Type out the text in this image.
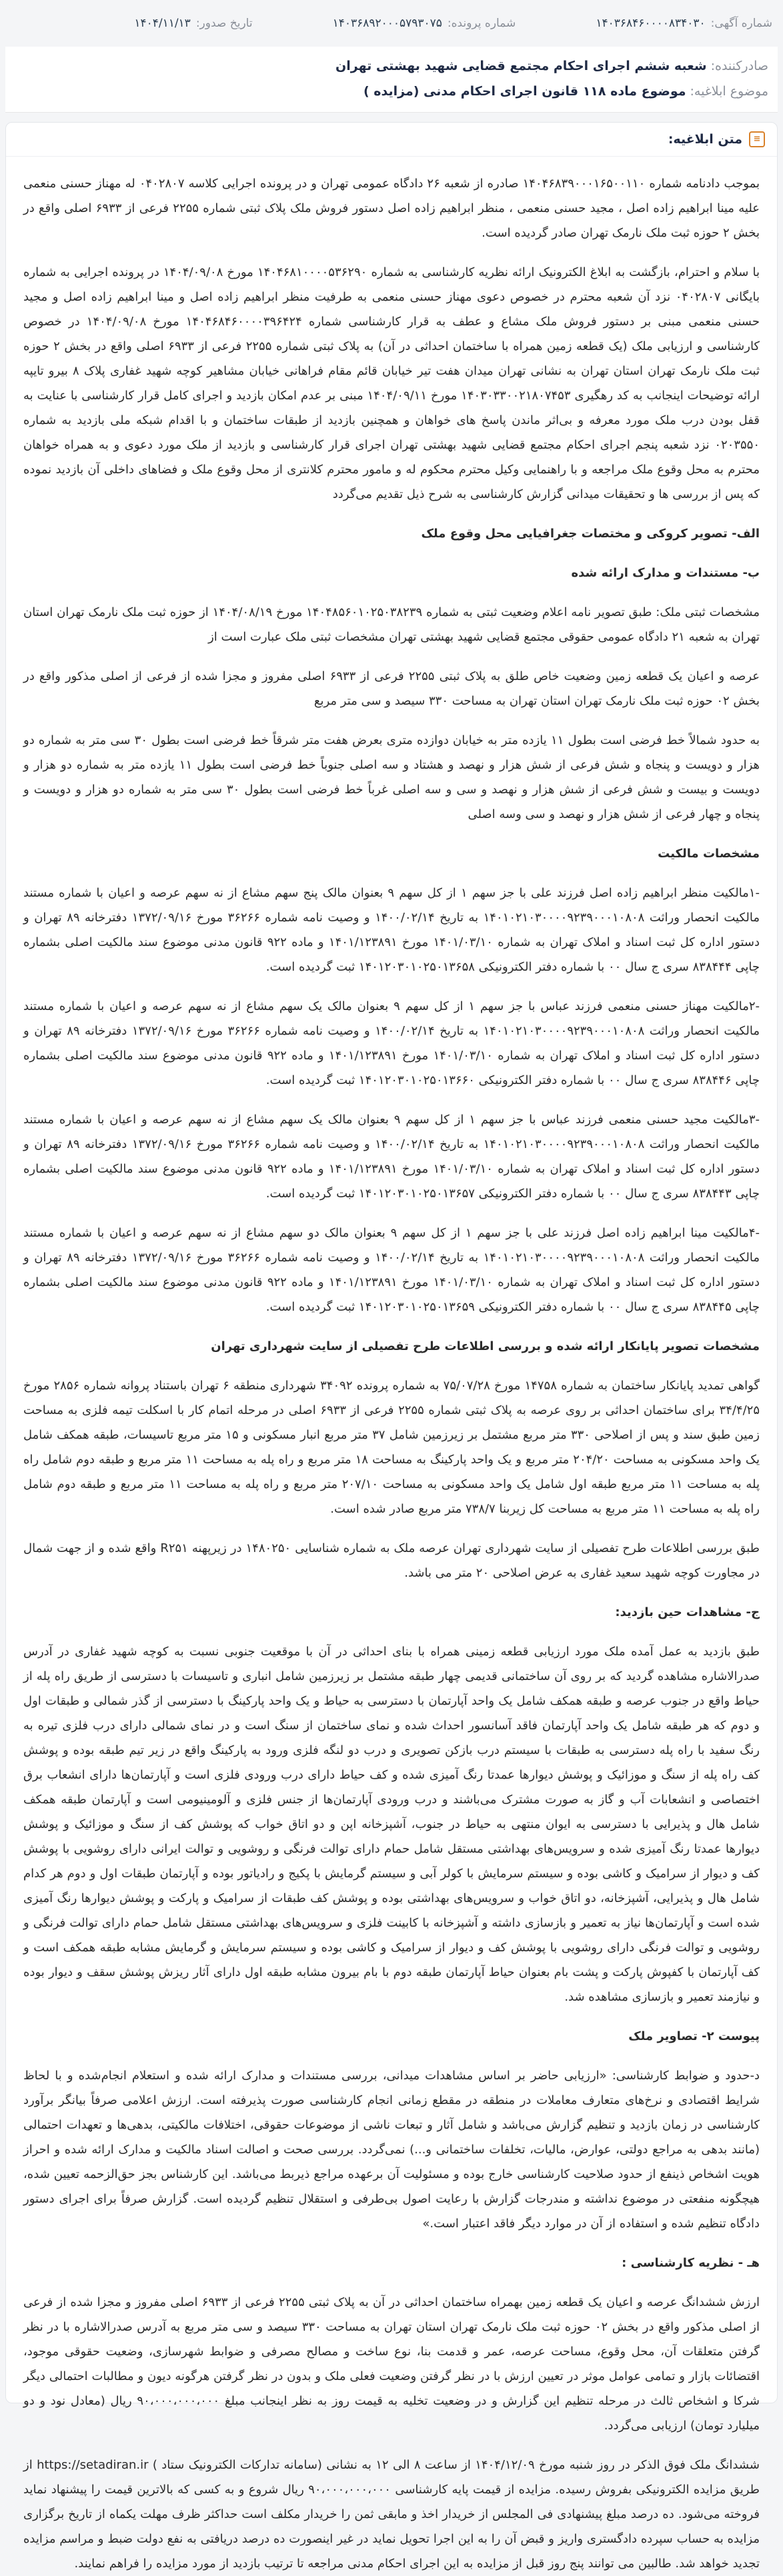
شماره آگهی:۱۴۰۳۶۸۴۶۰۰۰۰۸۳۴۰۳۰
شماره پرونده:۱۴۰۳۶۸۹۲۰۰۰۵۷۹۳۰۷۵
تاریخ صدور:۱۴۰۴/۱۱/۱۳
صادرکننده:شعبه ششم اجرای احکام مجتمع قضایی شهید بهشتی تهران
موضوع ابلاغیه:موضوع ماده ۱۱۸ قانون اجرای احکام مدنی (مزایده )
≡
متن ابلاغیه:

بموجب دادنامه شماره ۱۴۰۴۶۸۳۹۰۰۰۱۶۵۰۰۱۱۰ صادره از شعبه ۲۶ دادگاه عمومی تهران و در پرونده اجرایی کلاسه ۰۴۰۲۸۰۷ له مهناز حسنی منعمی علیه مینا ابراهیم زاده اصل ، مجید حسنی منعمی ، منظر ابراهیم زاده اصل دستور فروش ملک پلاک ثبتی شماره ۲۲۵۵ فرعی از ۶۹۳۳ اصلی واقع در بخش ۲ حوزه ثبت ملک نارمک تهران صادر گردیده است.

با سلام و احترام، بازگشت به ابلاغ الکترونیک ارائه نظریه کارشناسی به شماره ۱۴۰۴۶۸۱۰۰۰۰۵۳۶۲۹۰ مورخ ۱۴۰۴/۰۹/۰۸ در پرونده اجرایی به شماره بایگانی ۰۴۰۲۸۰۷ نزد آن شعبه محترم در خصوص دعوی مهناز حسنی منعمی به طرفیت منظر ابراهیم زاده اصل و مینا ابراهیم زاده اصل و مجید حسنی منعمی مبنی بر دستور فروش ملک مشاع و عطف به قرار کارشناسی شماره ۱۴۰۴۶۸۴۶۰۰۰۰۳۹۶۴۲۴ مورخ ۱۴۰۴/۰۹/۰۸ در خصوص کارشناسی و ارزیابی ملک (یک قطعه زمین همراه با ساختمان احداثی در آن) به پلاک ثبتی شماره ۲۲۵۵ فرعی از ۶۹۳۳ اصلی واقع در بخش ۲ حوزه ثبت ملک نارمک تهران استان تهران به نشانی تهران میدان هفت تیر خیابان قائم مقام فراهانی خیابان مشاهیر کوچه شهید غفاری پلاک ۸ بیرو تایپه ارائه توضیحات اینجانب به کد رهگیری ۱۴۰۳۰۳۳۰۰۲۱۸۰۷۴۵۳ مورخ ۱۴۰۴/۰۹/۱۱ مبنی بر عدم امکان بازدید و اجرای کامل قرار کارشناسی با عنایت به قفل بودن درب ملک مورد معرفه و بی‌اثر ماندن پاسخ های خواهان و همچنین بازدید از طبقات ساختمان و با اقدام شبکه ملی بازدید به شماره ۰۲۰۳۵۵۰ نزد شعبه پنجم اجرای احکام مجتمع قضایی شهید بهشتی تهران اجرای قرار کارشناسی و بازدید از ملک مورد دعوی و به همراه خواهان محترم به محل وقوع ملک مراجعه و با راهنمایی وکیل محترم محکوم له و مامور محترم کلانتری از محل وقوع ملک و فضاهای داخلی آن بازدید نموده که پس از بررسی ها و تحقیقات میدانی گزارش کارشناسی به شرح ذیل تقدیم می‌گردد

الف- تصویر کروکی و مختصات جغرافیایی محل وقوع ملک

ب- مستندات و مدارک ارائه شده

مشخصات ثبتی ملک: طبق تصویر نامه اعلام وضعیت ثبتی به شماره ۱۴۰۴۸۵۶۰۱۰۲۵۰۳۸۲۳۹ مورخ ۱۴۰۴/۰۸/۱۹ از حوزه ثبت ملک نارمک تهران استان تهران به شعبه ۲۱ دادگاه عمومی حقوقی مجتمع قضایی شهید بهشتی تهران مشخصات ثبتی ملک عبارت است از

عرصه و اعیان یک قطعه زمین وضعیت خاص طلق به پلاک ثبتی ۲۲۵۵ فرعی از ۶۹۳۳ اصلی مفروز و مجزا شده از فرعی از اصلی مذکور واقع در بخش ۰۲ حوزه ثبت ملک نارمک تهران استان تهران به مساحت ۳۳۰ سیصد و سی متر مربع

به حدود شمالاً خط فرضی است بطول ۱۱ یازده متر به خیابان دوازده متری بعرض هفت متر شرقاً خط فرضی است بطول ۳۰ سی متر به شماره دو هزار و دویست و پنجاه و شش فرعی از شش هزار و نهصد و هشتاد و سه اصلی جنوباً خط فرضی است بطول ۱۱ یازده متر به شماره دو هزار و دویست و بیست و شش فرعی از شش هزار و نهصد و سی و سه اصلی غرباً خط فرضی است بطول ۳۰ سی متر به شماره دو هزار و دویست و پنجاه و چهار فرعی از شش هزار و نهصد و سی وسه اصلی

مشخصات مالکیت

-۱مالکیت منظر ابراهیم زاده اصل فرزند علی با جز سهم ۱ از کل سهم ۹ بعنوان مالک پنج سهم مشاع از نه سهم عرصه و اعیان با شماره مستند مالکیت انحصار وراثت ۱۴۰۱۰۲۱۰۳۰۰۰۰۹۲۳۹۰۰۰۱۰۸۰۸ به تاریخ ۱۴۰۰/۰۲/۱۴ و وصیت نامه شماره ۳۶۲۶۶ مورخ ۱۳۷۲/۰۹/۱۶ دفترخانه ۸۹ تهران و دستور اداره کل ثبت اسناد و املاک تهران به شماره ۱۴۰۱/۰۳/۱۰ مورخ ۱۴۰۱/۱۲۳۸۹۱ و ماده ۹۲۲ قانون مدنی موضوع سند مالکیت اصلی بشماره چاپی ۸۳۸۴۴۴ سری ج سال ۰۰ با شماره دفتر الکترونیکی ۱۴۰۱۲۰۳۰۱۰۲۵۰۱۳۶۵۸ ثبت گردیده است.

-۲مالکیت مهناز حسنی منعمی فرزند عباس با جز سهم ۱ از کل سهم ۹ بعنوان مالک یک سهم مشاع از نه سهم عرصه و اعیان با شماره مستند مالکیت انحصار وراثت ۱۴۰۱۰۲۱۰۳۰۰۰۰۹۲۳۹۰۰۰۱۰۸۰۸ به تاریخ ۱۴۰۰/۰۲/۱۴ و وصیت نامه شماره ۳۶۲۶۶ مورخ ۱۳۷۲/۰۹/۱۶ دفترخانه ۸۹ تهران و دستور اداره کل ثبت اسناد و املاک تهران به شماره ۱۴۰۱/۰۳/۱۰ مورخ ۱۴۰۱/۱۲۳۸۹۱ و ماده ۹۲۲ قانون مدنی موضوع سند مالکیت اصلی بشماره چاپی ۸۳۸۴۴۶ سری ج سال ۰۰ با شماره دفتر الکترونیکی ۱۴۰۱۲۰۳۰۱۰۲۵۰۱۳۶۶۰ ثبت گردیده است.

-۳مالکیت مجید حسنی منعمی فرزند عباس با جز سهم ۱ از کل سهم ۹ بعنوان مالک یک سهم مشاع از نه سهم عرصه و اعیان با شماره مستند مالکیت انحصار وراثت ۱۴۰۱۰۲۱۰۳۰۰۰۰۹۲۳۹۰۰۰۱۰۸۰۸ به تاریخ ۱۴۰۰/۰۲/۱۴ و وصیت نامه شماره ۳۶۲۶۶ مورخ ۱۳۷۲/۰۹/۱۶ دفترخانه ۸۹ تهران و دستور اداره کل ثبت اسناد و املاک تهران به شماره ۱۴۰۱/۰۳/۱۰ مورخ ۱۴۰۱/۱۲۳۸۹۱ و ماده ۹۲۲ قانون مدنی موضوع سند مالکیت اصلی بشماره چاپی ۸۳۸۴۴۳ سری ج سال ۰۰ با شماره دفتر الکترونیکی ۱۴۰۱۲۰۳۰۱۰۲۵۰۱۳۶۵۷ ثبت گردیده است.

-۴مالکیت مینا ابراهیم زاده اصل فرزند علی با جز سهم ۱ از کل سهم ۹ بعنوان مالک دو سهم مشاع از نه سهم عرصه و اعیان با شماره مستند مالکیت انحصار وراثت ۱۴۰۱۰۲۱۰۳۰۰۰۰۹۲۳۹۰۰۰۱۰۸۰۸ به تاریخ ۱۴۰۰/۰۲/۱۴ و وصیت نامه شماره ۳۶۲۶۶ مورخ ۱۳۷۲/۰۹/۱۶ دفترخانه ۸۹ تهران و دستور اداره کل ثبت اسناد و املاک تهران به شماره ۱۴۰۱/۰۳/۱۰ مورخ ۱۴۰۱/۱۲۳۸۹۱ و ماده ۹۲۲ قانون مدنی موضوع سند مالکیت اصلی بشماره چاپی ۸۳۸۴۴۵ سری ج سال ۰۰ با شماره دفتر الکترونیکی ۱۴۰۱۲۰۳۰۱۰۲۵۰۱۳۶۵۹ ثبت گردیده است.

مشخصات تصویر پایانکار ارائه شده و بررسی اطلاعات طرح تفصیلی از سایت شهرداری تهران

گواهی تمدید پایانکار ساختمان به شماره ۱۴۷۵۸ مورخ ۷۵/۰۷/۲۸ به شماره پرونده ۳۴۰۹۲ شهرداری منطقه ۶ تهران باستناد پروانه شماره ۲۸۵۶ مورخ ۳۴/۴/۲۵ برای ساختمان احداثی بر روی عرصه به پلاک ثبتی شماره ۲۲۵۵ فرعی از ۶۹۳۳ اصلی در مرحله اتمام کار با اسکلت تیمه فلزی به مساحت زمین طبق سند و پس از اصلاحی ۳۳۰ متر مربع مشتمل بر زیرزمین شامل ۳۷ متر مربع انبار مسکونی و ۱۵ متر مربع تاسیسات، طبقه همکف شامل یک واحد مسکونی به مساحت ۲۰۴/۲۰ متر مربع و یک واحد پارکینگ به مساحت ۱۸ متر مربع و راه پله به مساحت ۱۱ متر مربع و طبقه دوم شامل راه پله به مساحت ۱۱ متر مربع طبقه اول شامل یک واحد مسکونی به مساحت ۲۰۷/۱۰ متر مربع و راه پله به مساحت ۱۱ متر مربع و طبقه دوم شامل راه پله به مساحت ۱۱ متر مربع به مساحت کل زیربنا ۷۳۸/۷ متر مربع صادر شده است.

طبق بررسی اطلاعات طرح تفصیلی از سایت شهرداری تهران عرصه ملک به شماره شناسایی ۱۴۸۰۲۵۰ در زیرپهنه R۲۵۱ واقع شده و از جهت شمال در مجاورت کوچه شهید سعید غفاری به عرض اصلاحی ۲۰ متر می باشد.

ج- مشاهدات حین بازدید:

طبق بازدید به عمل آمده ملک مورد ارزیابی قطعه زمینی همراه با بنای احداثی در آن با موقعیت جنوبی نسبت به کوچه شهید غفاری در آدرس صدرالاشاره مشاهده گردید که بر روی آن ساختمانی قدیمی چهار طبقه مشتمل بر زیرزمین شامل انباری و تاسیسات با دسترسی از طریق راه پله از حیاط واقع در جنوب عرصه و طبقه همکف شامل یک واحد آپارتمان با دسترسی به حیاط و یک واحد پارکینگ با دسترسی از گذر شمالی و طبقات اول و دوم که هر طبقه شامل یک واحد آپارتمان فاقد آسانسور احداث شده و نمای ساختمان از سنگ است و در نمای شمالی دارای درب فلزی تیره به رنگ سفید با راه پله دسترسی به طبقات با سیستم درب بازکن تصویری و درب دو لنگه فلزی ورود به پارکینگ واقع در زیر تیم طبقه بوده و پوشش کف راه پله از سنگ و موزائیک و پوشش دیوارها عمدتا رنگ آمیزی شده و کف حیاط دارای درب ورودی فلزی است و آپارتمان‌ها دارای انشعاب برق اختصاصی و انشعابات آب و گاز به صورت مشترک می‌باشند و درب ورودی آپارتمان‌ها از جنس فلزی و آلومینیومی است و آپارتمان طبقه همکف شامل هال و پذیرایی با دسترسی به ایوان منتهی به حیاط در جنوب، آشپزخانه اپن و دو اتاق خواب که پوشش کف از سنگ و موزائیک و پوشش دیوارها عمدتا رنگ آمیزی شده و سرویس‌های بهداشتی مستقل شامل حمام دارای توالت فرنگی و روشویی و توالت ایرانی دارای روشویی با پوشش کف و دیوار از سرامیک و کاشی بوده و سیستم سرمایش با کولر آبی و سیستم گرمایش با پکیج و رادیاتور بوده و آپارتمان طبقات اول و دوم هر کدام شامل هال و پذیرایی، آشپزخانه، دو اتاق خواب و سرویس‌های بهداشتی بوده و پوشش کف طبقات از سرامیک و پارکت و پوشش دیوارها رنگ آمیزی شده است و آپارتمان‌ها نیاز به تعمیر و بازسازی داشته و آشپزخانه با کابینت فلزی و سرویس‌های بهداشتی مستقل شامل حمام دارای توالت فرنگی و روشویی و توالت فرنگی دارای روشویی با پوشش کف و دیوار از سرامیک و کاشی بوده و سیستم سرمایش و گرمایش مشابه طبقه همکف است و کف آپارتمان با کفپوش پارکت و پشت بام بعنوان حیاط آپارتمان طبقه دوم با بام بیرون مشابه طبقه اول دارای آثار ریزش پوشش سقف و دیوار بوده و نیازمند تعمیر و بازسازی مشاهده شد.

پیوست ۲- تصاویر ملک

د-حدود و ضوابط کارشناسی: «ارزیابی حاضر بر اساس مشاهدات میدانی، بررسی مستندات و مدارک ارائه شده و استعلام انجام‌شده و با لحاظ شرایط اقتصادی و نرخ‌های متعارف معاملات در منطقه در مقطع زمانی انجام کارشناسی صورت پذیرفته است. ارزش اعلامی صرفاً بیانگر برآورد کارشناسی در زمان بازدید و تنظیم گزارش می‌باشد و شامل آثار و تبعات ناشی از موضوعات حقوقی، اختلافات مالکیتی، بدهی‌ها و تعهدات احتمالی (مانند بدهی به مراجع دولتی، عوارض، مالیات، تخلفات ساختمانی و...) نمی‌گردد. بررسی صحت و اصالت اسناد مالکیت و مدارک ارائه شده و احراز هویت اشخاص ذینفع از حدود صلاحیت کارشناسی خارج بوده و مسئولیت آن برعهده مراجع ذیربط می‌باشد. این کارشناس بجز حق‌الزحمه تعیین شده، هیچگونه منفعتی در موضوع نداشته و مندرجات گزارش با رعایت اصول بی‌طرفی و استقلال تنظیم گردیده است. گزارش صرفاً برای اجرای دستور دادگاه تنظیم شده و استفاده از آن در موارد دیگر فاقد اعتبار است.»

هـ - نظریه کارشناسی :

ارزش ششدانگ عرصه و اعیان یک قطعه زمین بهمراه ساختمان احداثی در آن به پلاک ثبتی ۲۲۵۵ فرعی از ۶۹۳۳ اصلی مفروز و مجزا شده از فرعی از اصلی مذکور واقع در بخش ۰۲ حوزه ثبت ملک نارمک تهران استان تهران به مساحت ۳۳۰ سیصد و سی متر مربع به آدرس صدرالاشاره با در نظر گرفتن متعلقات آن، محل وقوع، مساحت عرصه، عمر و قدمت بنا، نوع ساخت و مصالح مصرفی و ضوابط شهرسازی، وضعیت حقوقی موجود، اقتضائات بازار و تمامی عوامل موثر در تعیین ارزش با در نظر گرفتن وضعیت فعلی ملک و بدون در نظر گرفتن هرگونه دیون و مطالبات احتمالی دیگر شرکا و اشخاص ثالث در مرحله تنظیم این گزارش و در وضعیت تخلیه به قیمت روز به نظر اینجانب مبلغ ۹۰،۰۰۰،۰۰۰،۰۰۰ ریال (معادل نود و دو میلیارد تومان) ارزیابی می‌گردد.

ششدانگ ملک فوق الذکر در روز شنبه مورخ ۱۴۰۴/۱۲/۰۹ از ساعت ۸ الی ۱۲ به نشانی (سامانه تدارکات الکترونیک ستاد ) https://setadiran.ir از طریق مزایده الکترونیکی بفروش رسیده. مزایده از قیمت پایه کارشناسی ۹۰،۰۰۰،۰۰۰،۰۰۰ ریال شروع و به کسی که بالاترین قیمت را پیشنهاد نماید فروخته می‌شود. ده درصد مبلغ پیشنهادی فی المجلس از خریدار اخذ و مابقی ثمن را خریدار مکلف است حداکثر ظرف مهلت یکماه از تاریخ برگزاری مزایده به حساب سپرده دادگستری واریز و قبض آن را به این اجرا تحویل نماید در غیر اینصورت ده درصد دریافتی به نفع دولت ضبط و مراسم مزایده تجدید خواهد شد. طالبین می توانند پنج روز قبل از مزایده به این اجرای احکام مدنی مراجعه تا ترتیب بازدید از مورد مزایده را فراهم نمایند.
